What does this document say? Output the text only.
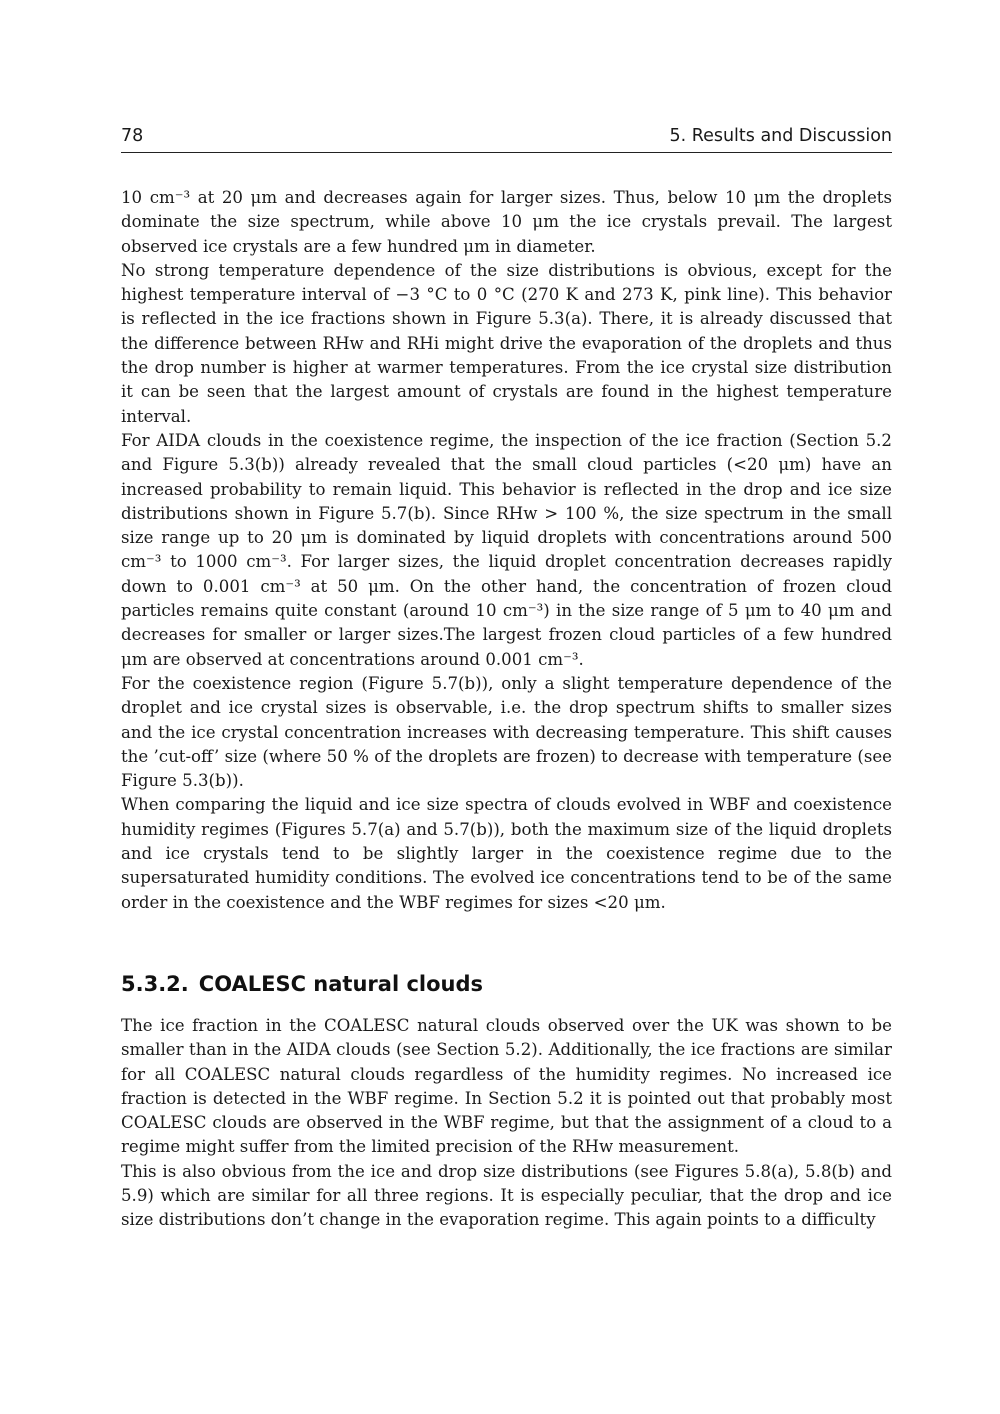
78	5. Results and Discussion

10 cm⁻³ at 20 μm and decreases again for larger sizes. Thus, below 10 μm the droplets dominate the size spectrum, while above 10 μm the ice crystals prevail. The largest observed ice crystals are a few hundred μm in diameter.

No strong temperature dependence of the size distributions is obvious, except for the highest temperature interval of −3 °C to 0 °C (270 K and 273 K, pink line). This behavior is reflected in the ice fractions shown in Figure 5.3(a). There, it is already discussed that the difference between RHw and RHi might drive the evaporation of the droplets and thus the drop number is higher at warmer temperatures. From the ice crystal size distribution it can be seen that the largest amount of crystals are found in the highest temperature interval.

For AIDA clouds in the coexistence regime, the inspection of the ice fraction (Section 5.2 and Figure 5.3(b)) already revealed that the small cloud particles (<20 μm) have an increased probability to remain liquid. This behavior is reflected in the drop and ice size distributions shown in Figure 5.7(b). Since RHw > 100 %, the size spectrum in the small size range up to 20 μm is dominated by liquid droplets with concentrations around 500 cm⁻³ to 1000 cm⁻³. For larger sizes, the liquid droplet concentration decreases rapidly down to 0.001 cm⁻³ at 50 μm. On the other hand, the concentration of frozen cloud particles remains quite constant (around 10 cm⁻³) in the size range of 5 μm to 40 μm and decreases for smaller or larger sizes.The largest frozen cloud particles of a few hundred μm are observed at concentrations around 0.001 cm⁻³.

For the coexistence region (Figure 5.7(b)), only a slight temperature dependence of the droplet and ice crystal sizes is observable, i.e. the drop spectrum shifts to smaller sizes and the ice crystal concentration increases with decreasing temperature. This shift causes the ’cut-off’ size (where 50 % of the droplets are frozen) to decrease with temperature (see Figure 5.3(b)).

When comparing the liquid and ice size spectra of clouds evolved in WBF and coexistence humidity regimes (Figures 5.7(a) and 5.7(b)), both the maximum size of the liquid droplets and ice crystals tend to be slightly larger in the coexistence regime due to the supersaturated humidity conditions. The evolved ice concentrations tend to be of the same order in the coexistence and the WBF regimes for sizes <20 μm.

5.3.2. COALESC natural clouds

The ice fraction in the COALESC natural clouds observed over the UK was shown to be smaller than in the AIDA clouds (see Section 5.2). Additionally, the ice fractions are similar for all COALESC natural clouds regardless of the humidity regimes. No increased ice fraction is detected in the WBF regime. In Section 5.2 it is pointed out that probably most COALESC clouds are observed in the WBF regime, but that the assignment of a cloud to a regime might suffer from the limited precision of the RHw measurement.

This is also obvious from the ice and drop size distributions (see Figures 5.8(a), 5.8(b) and 5.9) which are similar for all three regions. It is especially peculiar, that the drop and ice size distributions don’t change in the evaporation regime. This again points to a difficulty
